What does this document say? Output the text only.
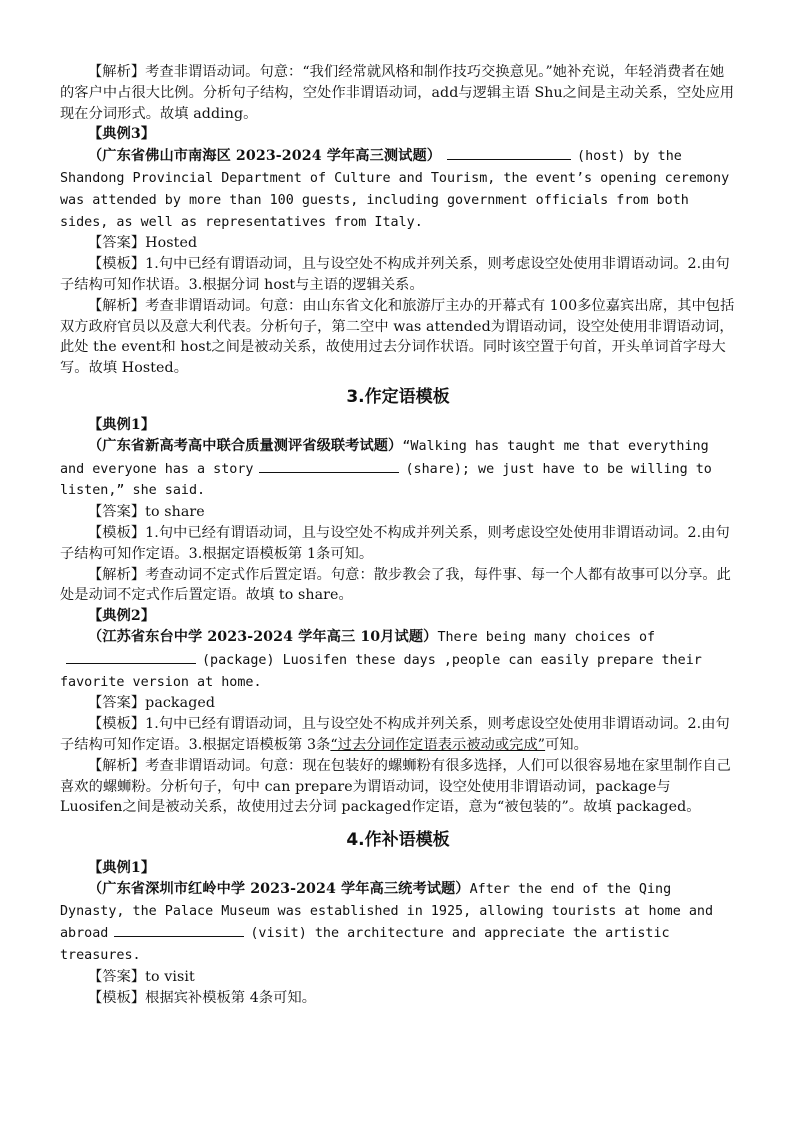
【解析】考查非谓语动词。句意：“我们经常就风格和制作技巧交换意见。”她补充说，年轻消费者在她的客户中占很大比例。分析句子结构，空处作非谓语动词，add与逻辑主语 Shu之间是主动关系，空处应用现在分词形式。故填 adding。

【典例3】

（广东省佛山市南海区 2023-2024 学年高三测试题）	(host) by the Shandong Provincial Department of Culture and Tourism, the event’s opening ceremony was attended by more than 100 guests, including government officials from both sides, as well as representatives from Italy.

【答案】Hosted

【模板】1.句中已经有谓语动词，且与设空处不构成并列关系，则考虑设空处使用非谓语动词。2.由句子结构可知作状语。3.根据分词 host与主语的逻辑关系。

【解析】考查非谓语动词。句意：由山东省文化和旅游厅主办的开幕式有 100多位嘉宾出席，其中包括双方政府官员以及意大利代表。分析句子，第二空中 was attended为谓语动词，设空处使用非谓语动词，此处 the event和 host之间是被动关系，故使用过去分词作状语。同时该空置于句首，开头单词首字母大写。故填 Hosted。

3.作定语模板

【典例1】

（广东省新高考高中联合质量测评省级联考试题）“Walking has taught me that everything and everyone has a story	(share); we just have to be willing to listen,” she said.

【答案】to share

【模板】1.句中已经有谓语动词，且与设空处不构成并列关系，则考虑设空处使用非谓语动词。2.由句子结构可知作定语。3.根据定语模板第 1条可知。

【解析】考查动词不定式作后置定语。句意：散步教会了我，每件事、每一个人都有故事可以分享。此处是动词不定式作后置定语。故填 to share。

【典例2】

（江苏省东台中学 2023-2024 学年高三 10月试题）There being many choices of(package) Luosifen these days ,people can easily prepare their favorite version at home.

【答案】packaged

【模板】1.句中已经有谓语动词，且与设空处不构成并列关系，则考虑设空处使用非谓语动词。2.由句子结构可知作定语。3.根据定语模板第 3条“过去分词作定语表示被动或完成”可知。

【解析】考查非谓语动词。句意：现在包装好的螺蛳粉有很多选择，人们可以很容易地在家里制作自己喜欢的螺蛳粉。分析句子，句中 can prepare为谓语动词，设空处使用非谓语动词，package与 Luosifen之间是被动关系，故使用过去分词 packaged作定语，意为“被包装的”。故填 packaged。

4.作补语模板

【典例1】

（广东省深圳市红岭中学 2023-2024 学年高三统考试题）After the end of the Qing Dynasty, the Palace Museum was established in 1925, allowing tourists at home and abroad	(visit) the architecture and appreciate the artistic treasures.

【答案】to visit

【模板】根据宾补模板第 4条可知。
